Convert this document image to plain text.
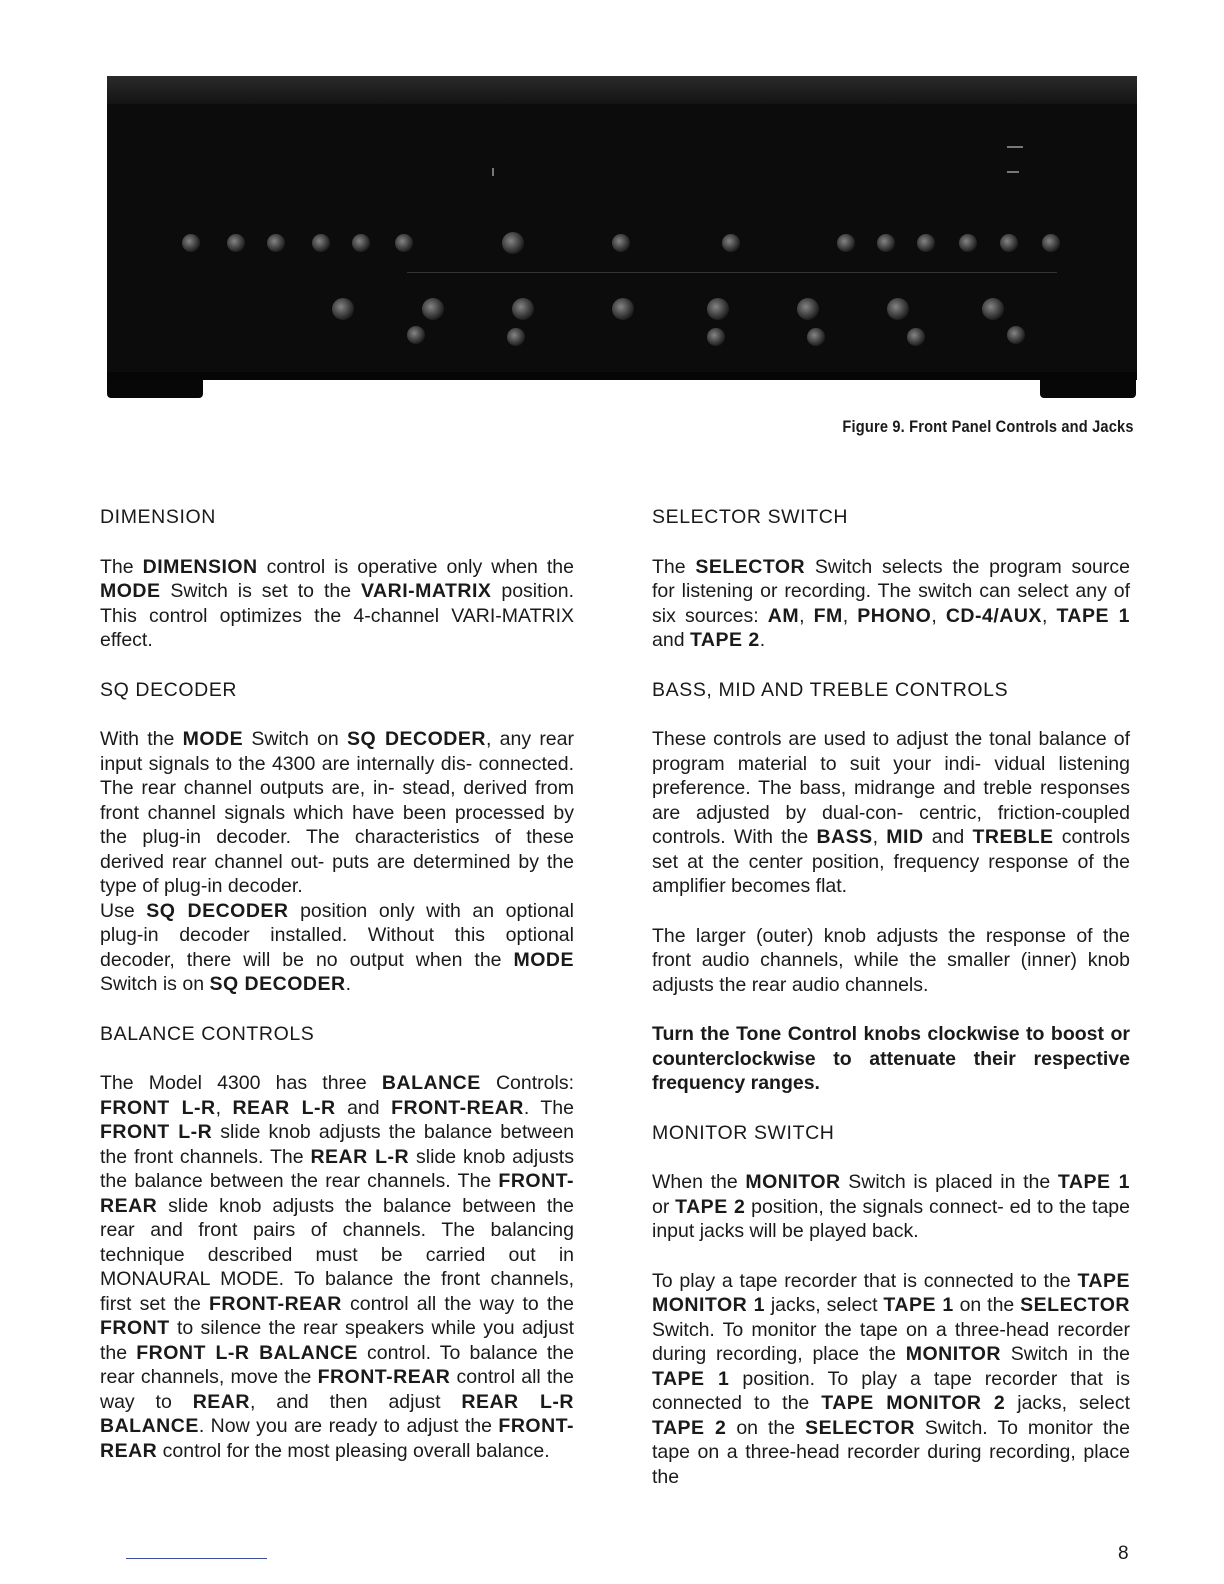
Figure 9. Front Panel Controls and Jacks
DIMENSION

The DIMENSION control is operative only when the MODE Switch is set to the VARI-MATRIX position. This control optimizes the 4-channel VARI-MATRIX effect.

SQ DECODER

With the MODE Switch on SQ DECODER, any rear input signals to the 4300 are internally dis- connected. The rear channel outputs are, in- stead, derived from front channel signals which have been processed by the plug-in decoder. The characteristics of these derived rear channel out- puts are determined by the type of plug-in decoder.

Use SQ DECODER position only with an optional plug-in decoder installed. Without this optional decoder, there will be no output when the MODE Switch is on SQ DECODER.

BALANCE CONTROLS

The Model 4300 has three BALANCE Controls: FRONT L-R, REAR L-R and FRONT-REAR. The FRONT L-R slide knob adjusts the balance between the front channels. The REAR L-R slide knob adjusts the balance between the rear channels. The FRONT-REAR slide knob adjusts the balance between the rear and front pairs of channels. The balancing technique described must be carried out in MONAURAL MODE. To balance the front channels, first set the FRONT-REAR control all the way to the FRONT to silence the rear speakers while you adjust the FRONT L-R BALANCE control. To balance the rear channels, move the FRONT-REAR control all the way to REAR, and then adjust REAR L-R BALANCE. Now you are ready to adjust the FRONT-REAR control for the most pleasing overall balance.

SELECTOR SWITCH

The SELECTOR Switch selects the program source for listening or recording. The switch can select any of six sources: AM, FM, PHONO, CD-4/AUX, TAPE 1 and TAPE 2.

BASS, MID AND TREBLE CONTROLS

These controls are used to adjust the tonal balance of program material to suit your indi- vidual listening preference. The bass, midrange and treble responses are adjusted by dual-con- centric, friction-coupled controls. With the BASS, MID and TREBLE controls set at the center position, frequency response of the amplifier becomes flat.

The larger (outer) knob adjusts the response of the front audio channels, while the smaller (inner) knob adjusts the rear audio channels.

Turn the Tone Control knobs clockwise to boost or counterclockwise to attenuate their respective frequency ranges.

MONITOR SWITCH

When the MONITOR Switch is placed in the TAPE 1 or TAPE 2 position, the signals connect- ed to the tape input jacks will be played back.

To play a tape recorder that is connected to the TAPE MONITOR 1 jacks, select TAPE 1 on the SELECTOR Switch. To monitor the tape on a three-head recorder during recording, place the MONITOR Switch in the TAPE 1 position. To play a tape recorder that is connected to the TAPE MONITOR 2 jacks, select TAPE 2 on the SELECTOR Switch. To monitor the tape on a three-head recorder during recording, place the

8
